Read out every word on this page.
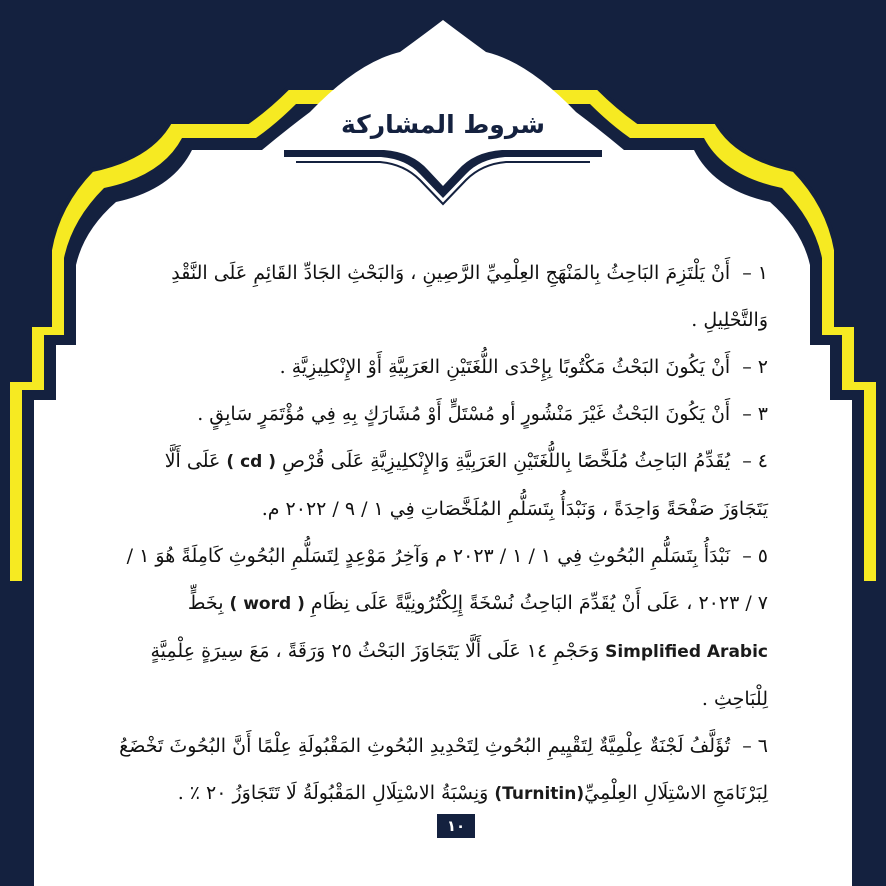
شروط المشاركة

١ – أَنْ يَلْتَزِمَ البَاحِثُ بِالمَنْهَجِ العِلْمِيِّ الرَّصِينِ ، وَالبَحْثِ الجَادِّ القَائِمِ عَلَى النَّقْدِ وَالتَّحْلِيلِ .

٢ – أَنْ يَكُونَ البَحْثُ مَكْتُوبًا بِإِحْدَى اللُّغَتَيْنِ العَرَبِيَّةِ أَوْ الإِنْكلِيزِيَّةِ .

٣ – أَنْ يَكُونَ البَحْثُ غَيْرَ مَنْشُورٍ أو مُسْتَلٍّ أَوْ مُشَارَكٍ بِهِ فِي مُؤْتَمَرٍ سَابِقٍ .

٤ – يُقَدِّمُ البَاحِثُ مُلَخَّصًا بِاللُّغَتَيْنِ العَرَبِيَّةِ وَالإِنْكلِيزِيَّةِ عَلَى قُرْصِ ( cd ) عَلَى أَلَّا يَتَجَاوَزَ صَفْحَةً وَاحِدَةً ، وَنَبْدَأُ بِتَسَلُّمِ المُلَخَّصَاتِ فِي ١ / ٩ / ٢٠٢٢ م.

٥ – نَبْدَأُ بِتَسَلُّمِ البُحُوثِ فِي ١ / ١ / ٢٠٢٣ م وَآخِرُ مَوْعِدٍ لِتَسَلُّمِ البُحُوثِ كَامِلَةً هُوَ ١ / ٧ / ٢٠٢٣ ، عَلَى أَنْ يُقَدِّمَ البَاحِثُ نُسْخَةً إِلِكْتُرُونِيَّةً عَلَى نِظَامِ ( word ) بِخَطٍّ Simplified Arabic وَحَجْمِ ١٤ عَلَى أَلَّا يَتَجَاوَزَ البَحْثُ ٢٥ وَرَقَةً ، مَعَ سِيرَةٍ عِلْمِيَّةٍ لِلْبَاحِثِ .

٦ – تُؤَلَّفُ لَجْنَةٌ عِلْمِيَّةٌ لِتَقْيِيمِ البُحُوثِ لِتَحْدِيدِ البُحُوثِ المَقْبُولَةِ عِلْمًا أَنَّ البُحُوثَ تَخْضَعُ لِبَرْنَامَجِ الاسْتِلَالِ العِلْمِيِّ(Turnitin) وَنِسْبَةُ الاسْتِلَالِ المَقْبُولَةُ لَا تَتَجَاوَزُ ٢٠ ٪ .

١٠
